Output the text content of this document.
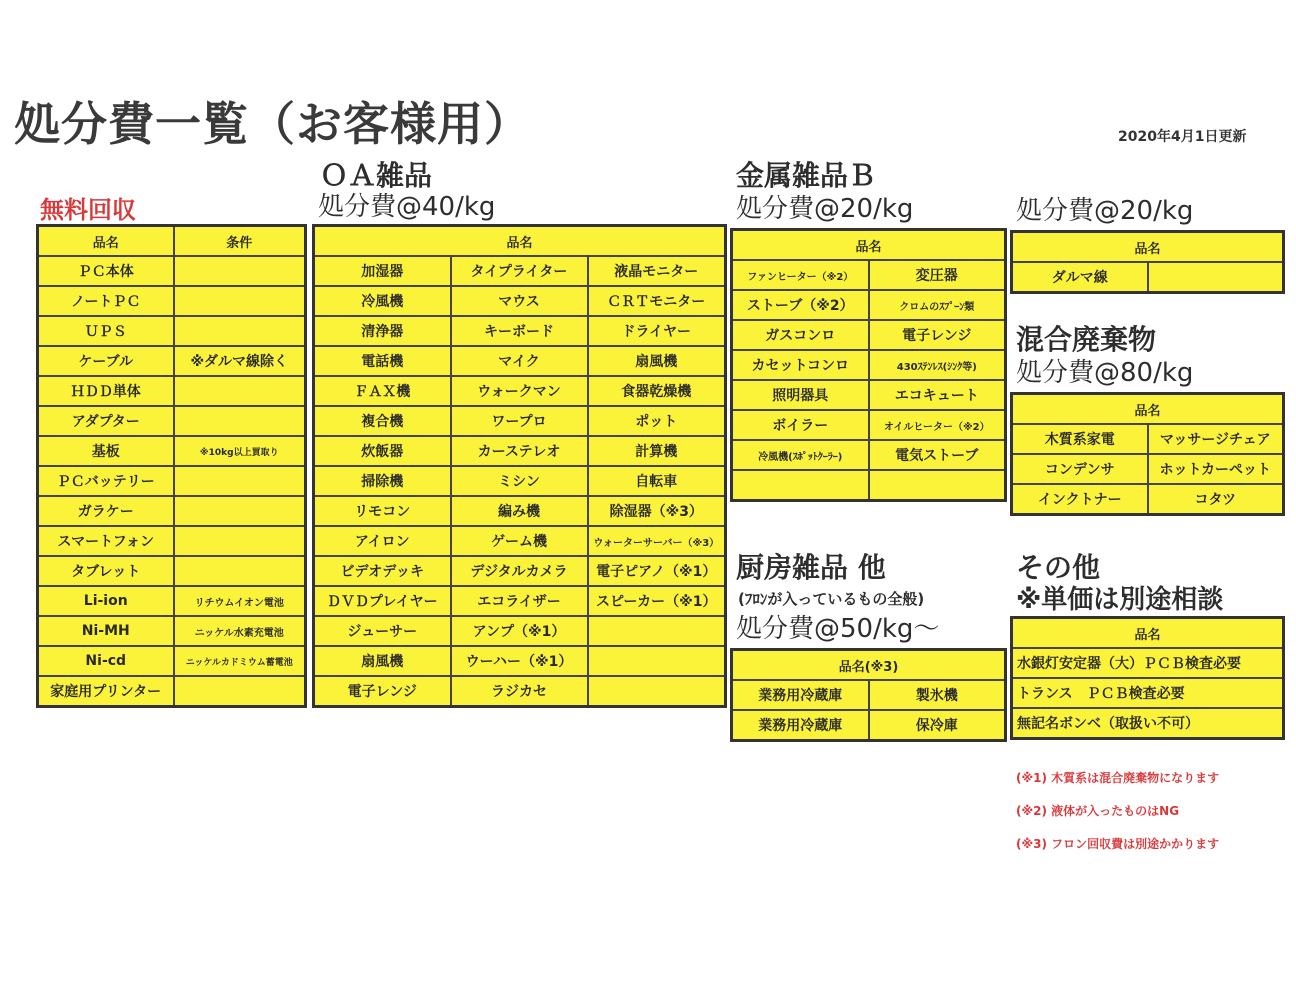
処分費一覧（お客様用）	2020年4月1日更新
無料回収
品名	条件
ＰＣ本体	
ノートＰＣ	
ＵＰＳ	
ケーブル	※ダルマ線除く
ＨＤＤ単体	
アダプター	
基板	※10kg以上買取り
ＰＣバッテリー	
ガラケー	
スマートフォン	
タブレット	
Li-ion	リチウムイオン電池
Ni-MH	ニッケル水素充電池
Ni-cd	ニッケルカドミウム蓄電池
家庭用プリンター	
ＯＡ雑品
処分費@40/kg
品名		
加湿器	タイプライター	液晶モニター
冷風機	マウス	ＣＲＴモニター
清浄器	キーボード	ドライヤー
電話機	マイク	扇風機
ＦＡＸ機	ウォークマン	食器乾燥機
複合機	ワープロ	ポット
炊飯器	カーステレオ	計算機
掃除機	ミシン	自転車
リモコン	編み機	除湿器（※3）
アイロン	ゲーム機	ウォーターサーバー（※3）
ビデオデッキ	デジタルカメラ	電子ピアノ（※1）
ＤＶＤプレイヤー	エコライザー	スピーカー（※1）
ジューサー	アンプ（※1）	
扇風機	ウーハー（※1）	
電子レンジ	ラジカセ	
金属雑品Ｂ
処分費@20/kg
品名	
ファンヒーター（※2）	変圧器
ストーブ（※2）	クロムのｽﾌﾟｰﾝ類
ガスコンロ	電子レンジ
カセットコンロ	430ｽﾃﾝﾚｽ(ｼﾝｸ等)
照明器具	エコキュート
ボイラー	オイルヒーター（※2）
冷風機(ｽﾎﾟｯﾄｸｰﾗｰ)	電気ストーブ

処分費@20/kg
品名
ダルマ線	
混合廃棄物
処分費@80/kg
品名	
木質系家電	マッサージチェア
コンデンサ	ホットカーペット
インクトナー	コタツ
厨房雑品 他
(ﾌﾛﾝが入っているもの全般)
処分費@50/kg～
品名(※3)	
業務用冷蔵庫	製氷機
業務用冷蔵庫	保冷庫
その他
※単価は別途相談
品名
水銀灯安定器（大）ＰＣＢ検査必要
トランス　ＰＣＢ検査必要
無記名ボンベ（取扱い不可）
(※1) 木質系は混合廃棄物になります
(※2) 液体が入ったものはNG
(※3) フロン回収費は別途かかります
